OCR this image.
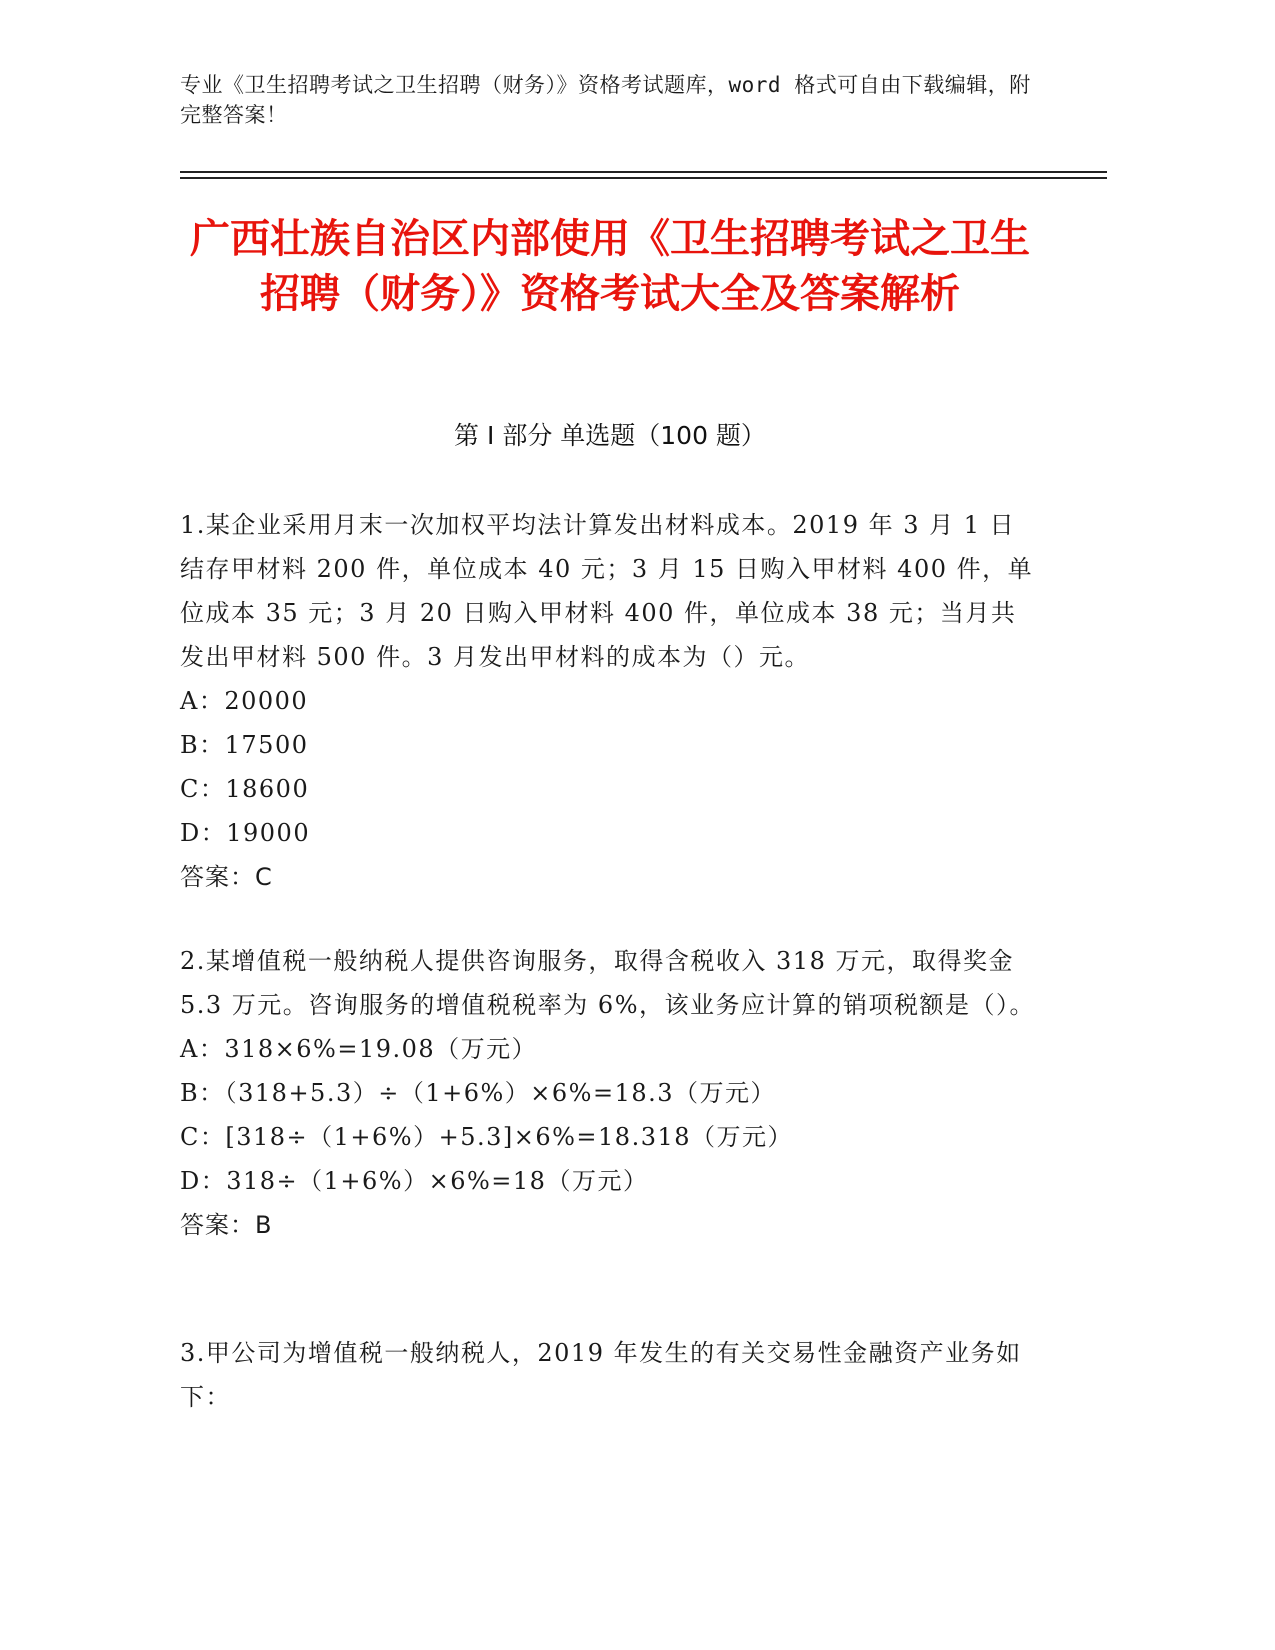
专业《卫生招聘考试之卫生招聘（财务）》资格考试题库，word 格式可自由下载编辑，附完整答案！
广西壮族自治区内部使用《卫生招聘考试之卫生招聘（财务）》资格考试大全及答案解析
第 I 部分 单选题（100 题）

1.某企业采用月末一次加权平均法计算发出材料成本。2019 年 3 月 1 日结存甲材料 200 件，单位成本 40 元；3 月 15 日购入甲材料 400 件，单位成本 35 元；3 月 20 日购入甲材料 400 件，单位成本 38 元；当月共发出甲材料 500 件。3 月发出甲材料的成本为（）元。

A：20000

B：17500

C：18600

D：19000

答案：C

2.某增值税一般纳税人提供咨询服务，取得含税收入 318 万元，取得奖金 5.3 万元。咨询服务的增值税税率为 6%，该业务应计算的销项税额是（）。

A：318×6%=19.08（万元）

B：（318+5.3）÷（1+6%）×6%=18.3（万元）

C：[318÷（1+6%）+5.3]×6%=18.318（万元）

D：318÷（1+6%）×6%=18（万元）

答案：B

3.甲公司为增值税一般纳税人，2019 年发生的有关交易性金融资产业务如下：
